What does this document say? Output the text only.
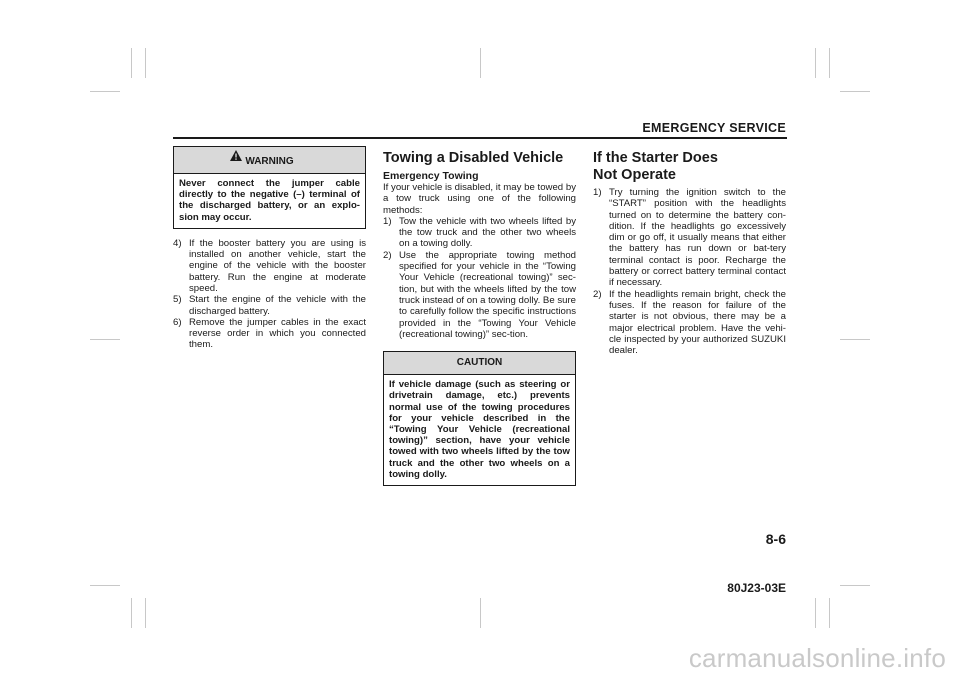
EMERGENCY SERVICE
WARNING
Never connect the jumper cable directly to the negative (–) terminal of the discharged battery, or an explo-sion may occur.
4) If the booster battery you are using is installed on another vehicle, start the engine of the vehicle with the booster battery. Run the engine at moderate speed.
5) Start the engine of the vehicle with the discharged battery.
6) Remove the jumper cables in the exact reverse order in which you connected them.
Towing a Disabled Vehicle
Emergency Towing

If your vehicle is disabled, it may be towed by a tow truck using one of the following methods:

1) Tow the vehicle with two wheels lifted by the tow truck and the other two wheels on a towing dolly.
2) Use the appropriate towing method specified for your vehicle in the “Towing Your Vehicle (recreational towing)” sec-tion, but with the wheels lifted by the tow truck instead of on a towing dolly. Be sure to carefully follow the specific instructions provided in the “Towing Your Vehicle (recreational towing)” sec-tion.
CAUTION
If vehicle damage (such as steering or drivetrain damage, etc.) prevents normal use of the towing procedures for your vehicle described in the “Towing Your Vehicle (recreational towing)” section, have your vehicle towed with two wheels lifted by the tow truck and the other two wheels on a towing dolly.
If the Starter Does Not Operate
1) Try turning the ignition switch to the “START” position with the headlights turned on to determine the battery con-dition. If the headlights go excessively dim or go off, it usually means that either the battery has run down or bat-tery terminal contact is poor. Recharge the battery or correct battery terminal contact if necessary.
2) If the headlights remain bright, check the fuses. If the reason for failure of the starter is not obvious, there may be a major electrical problem. Have the vehi-cle inspected by your authorized SUZUKI dealer.
8-6
80J23-03E
carmanualsonline.info
